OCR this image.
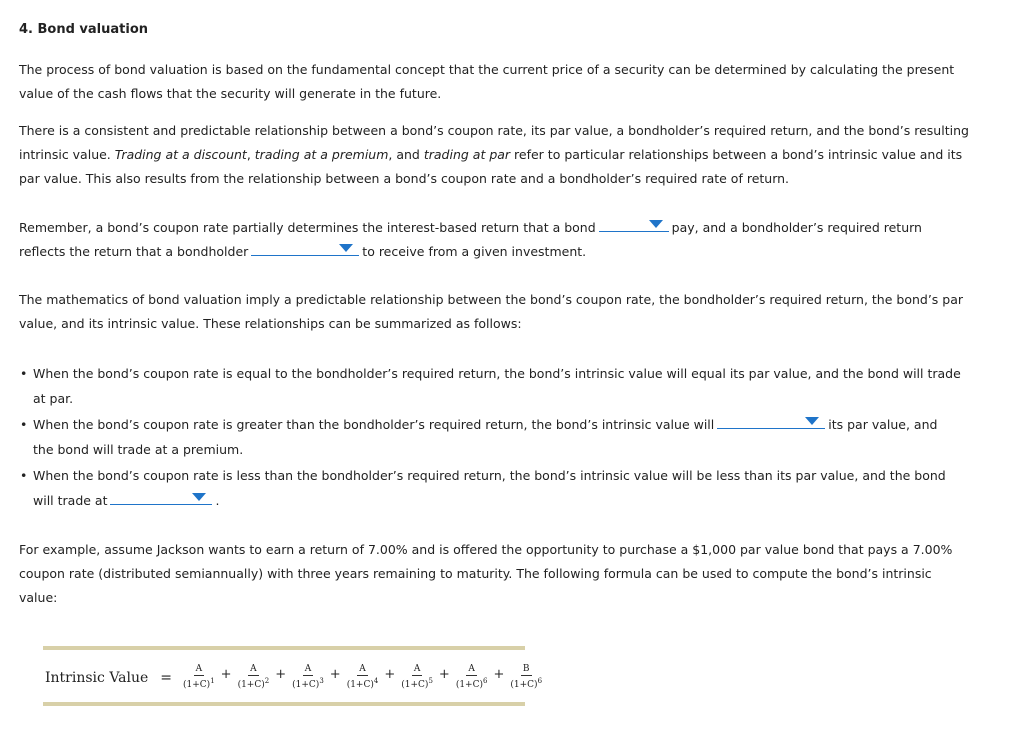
4. Bond valuation

The process of bond valuation is based on the fundamental concept that the current price of a security can be determined by calculating the present
value of the cash flows that the security will generate in the future.

There is a consistent and predictable relationship between a bond’s coupon rate, its par value, a bondholder’s required return, and the bond’s resulting
intrinsic value. Trading at a discount, trading at a premium, and trading at par refer to particular relationships between a bond’s intrinsic value and its
par value. This also results from the relationship between a bond’s coupon rate and a bondholder’s required rate of return.

Remember, a bond’s coupon rate partially determines the interest-based return that a bond	pay, and a bondholder’s required return
reflects the return that a bondholder	to receive from a given investment.

The mathematics of bond valuation imply a predictable relationship between the bond’s coupon rate, the bondholder’s required return, the bond’s par
value, and its intrinsic value. These relationships can be summarized as follows:

• When the bond’s coupon rate is equal to the bondholder’s required return, the bond’s intrinsic value will equal its par value, and the bond will trade
at par.
• When the bond’s coupon rate is greater than the bondholder’s required return, the bond’s intrinsic value will	its par value, and
the bond will trade at a premium.
• When the bond’s coupon rate is less than the bondholder’s required return, the bond’s intrinsic value will be less than its par value, and the bond
will trade at	.

For example, assume Jackson wants to earn a return of 7.00% and is offered the opportunity to purchase a $1,000 par value bond that pays a 7.00%
coupon rate (distributed semiannually) with three years remaining to maturity. The following formula can be used to compute the bond’s intrinsic
value:

Intrinsic Value = $\frac{A}{(1+C)^1} + \frac{A}{(1+C)^2} + \frac{A}{(1+C)^3} + \frac{A}{(1+C)^4} + \frac{A}{(1+C)^5} + \frac{A}{(1+C)^6} + \frac{B}{(1+C)^6}$
